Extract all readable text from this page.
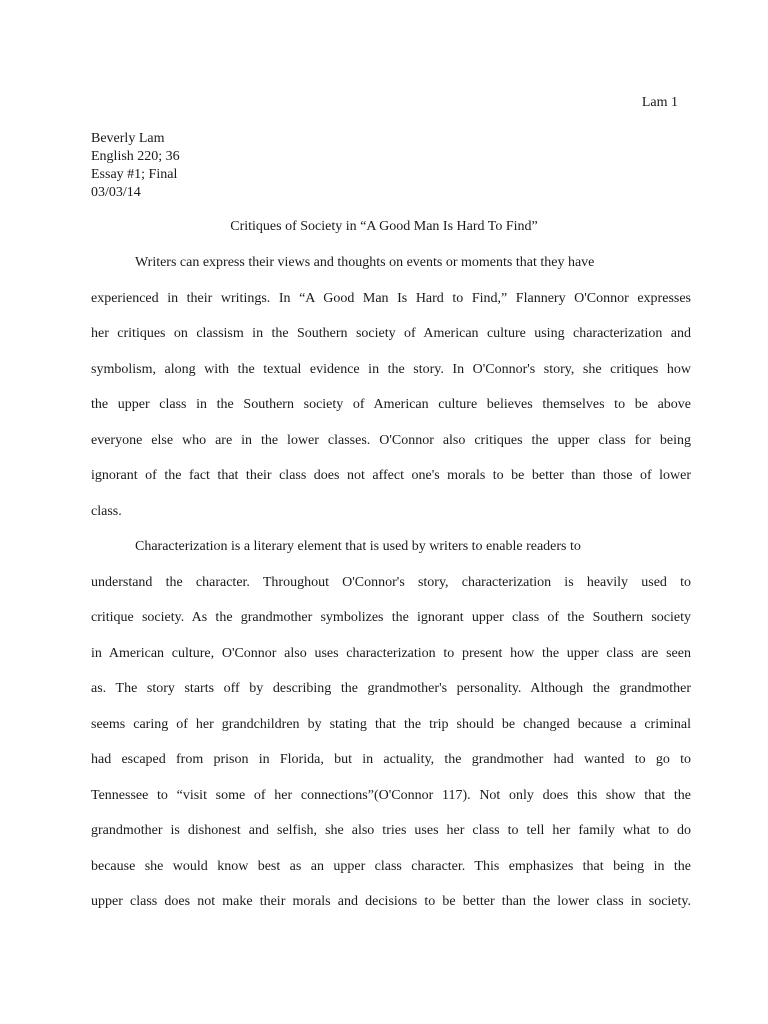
Lam 1
Beverly Lam
English 220; 36
Essay #1; Final
03/03/14
Critiques of Society in “A Good Man Is Hard To Find”
Writers can express their views and thoughts on events or moments that they have
experienced in their writings. In “A Good Man Is Hard to Find,” Flannery O'Connor expresses
her critiques on classism in the Southern society of American culture using characterization and
symbolism, along with the textual evidence in the story. In O'Connor's story, she critiques how
the upper class in the Southern society of American culture believes themselves to be above
everyone else who are in the lower classes. O'Connor also critiques the upper class for being
ignorant of the fact that their class does not affect one's morals to be better than those of lower
class.
Characterization is a literary element that is used by writers to enable readers to
understand the character. Throughout O'Connor's story, characterization is heavily used to
critique society. As the grandmother symbolizes the ignorant upper class of the Southern society
in American culture, O'Connor also uses characterization to present how the upper class are seen
as. The story starts off by describing the grandmother's personality. Although the grandmother
seems caring of her grandchildren by stating that the trip should be changed because a criminal
had escaped from prison in Florida, but in actuality, the grandmother had wanted to go to
Tennessee to “visit some of her connections”(O'Connor 117). Not only does this show that the
grandmother is dishonest and selfish, she also tries uses her class to tell her family what to do
because she would know best as an upper class character. This emphasizes that being in the
upper class does not make their morals and decisions to be better than the lower class in society.
